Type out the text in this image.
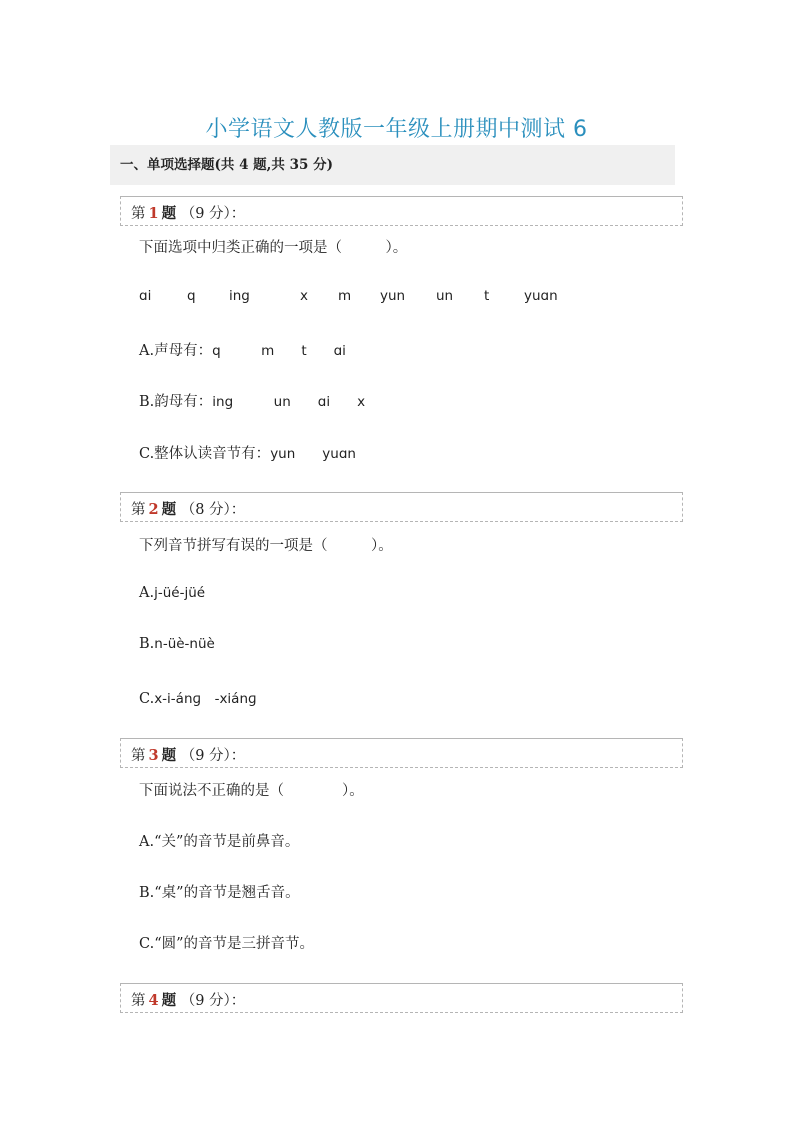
小学语文人教版一年级上册期中测试 6
一、单项选择题(共 4 题,共 35 分)
第 1 题 （9 分）：
下面选项中归类正确的一项是（　　　）。
ɑi	q ing	x m yun un t	yuɑn
A.声母有：q　　　m　　t　　ɑi
B.韵母有：ing　　　un　　ɑi　　x
C.整体认读音节有：yun　　yuɑn
第 2 题 （8 分）：
下列音节拼写有误的一项是（　　　）。
A.j-üé-jüé
B.n-üè-nüè
C.x-i-ánɡ　-xiánɡ
第 3 题 （9 分）：
下面说法不正确的是（　　　　）。
A.“关”的音节是前鼻音。
B.“桌”的音节是翘舌音。
C.“圆”的音节是三拼音节。
第 4 题 （9 分）：
